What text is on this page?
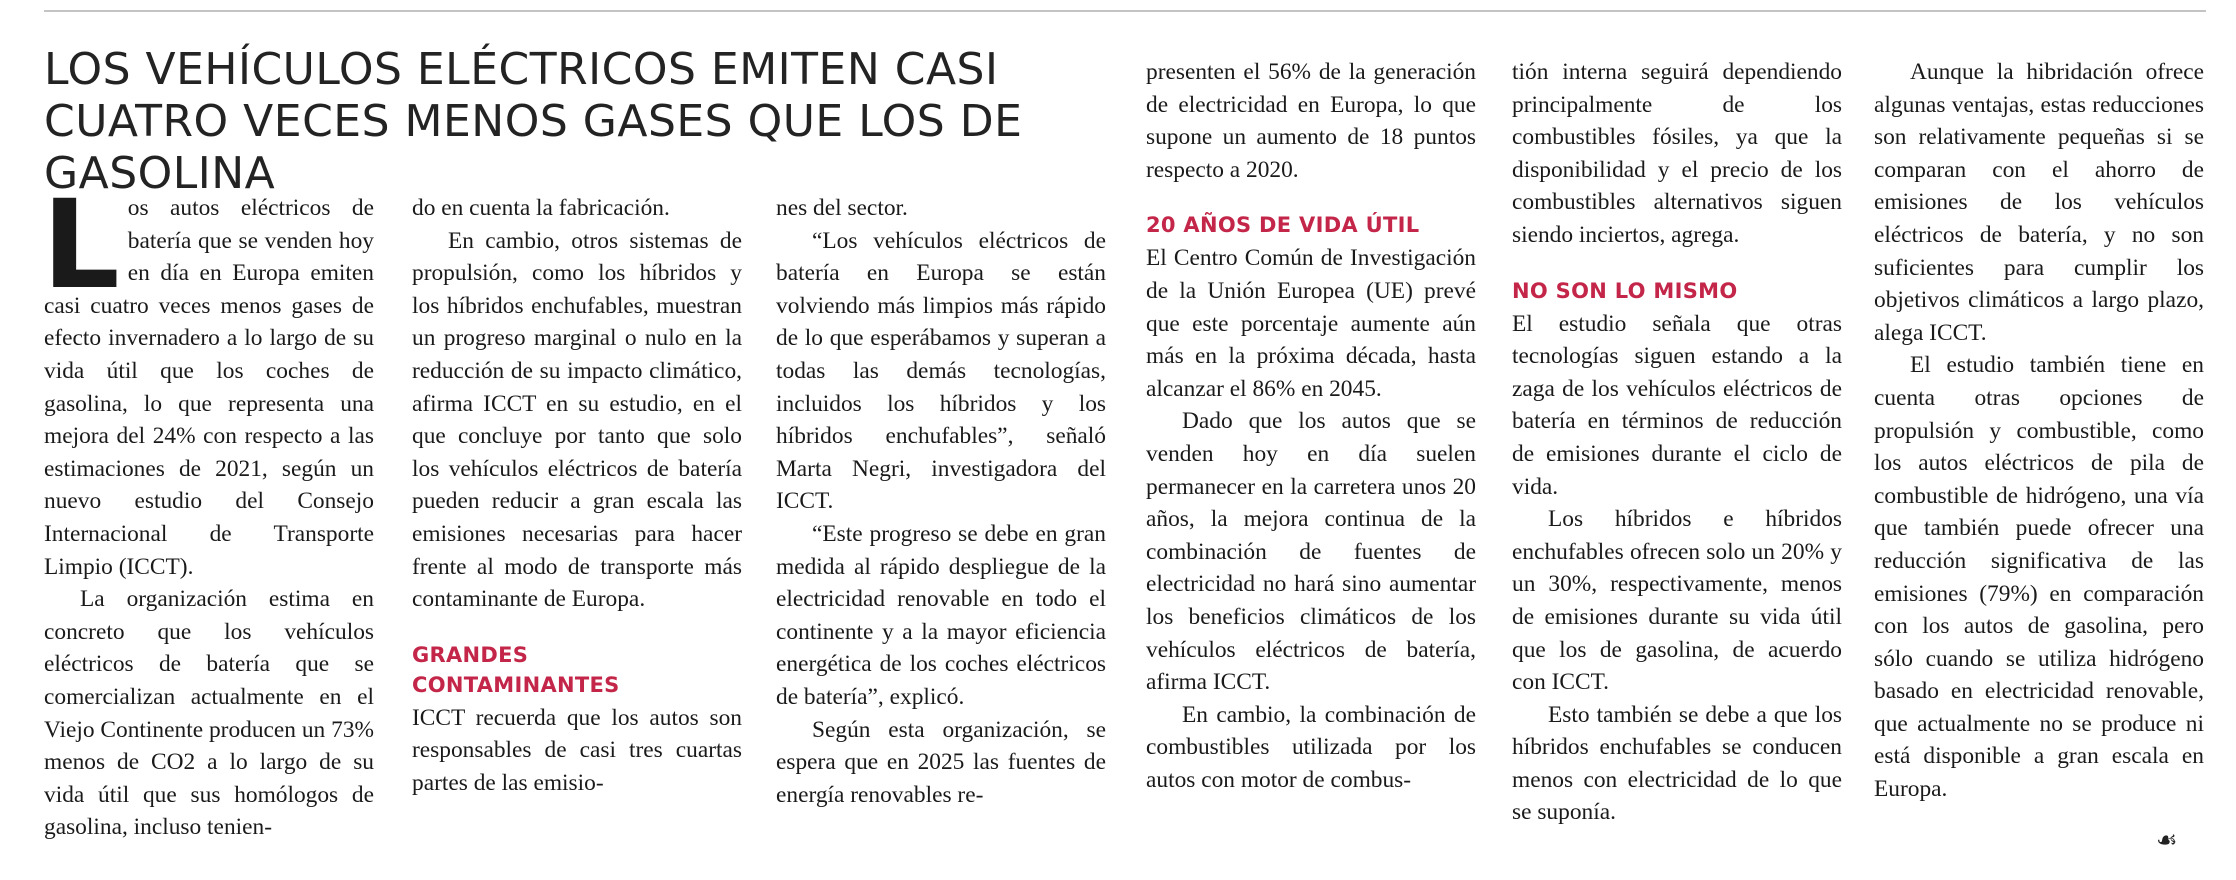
LOS VEHÍCULOS ELÉCTRICOS EMITEN CASI CUATRO VECES MENOS GASES QUE LOS DE GASOLINA

Los autos eléctricos de batería que se venden hoy en día en Europa emiten casi cuatro veces menos gases de efecto invernadero a lo largo de su vida útil que los coches de gasolina, lo que representa una mejora del 24% con respecto a las estimaciones de 2021, según un nuevo estudio del Consejo Internacional de Transporte Limpio (ICCT).

La organización estima en concreto que los vehículos eléctricos de batería que se comercializan actualmente en el Viejo Continente producen un 73% menos de CO2 a lo largo de su vida útil que sus homólogos de gasolina, incluso tenien-

do en cuenta la fabricación.

En cambio, otros sistemas de propulsión, como los híbridos y los híbridos enchufables, muestran un progreso marginal o nulo en la reducción de su impacto climático, afirma ICCT en su estudio, en el que concluye por tanto que solo los vehículos eléctricos de batería pueden reducir a gran escala las emisiones necesarias para hacer frente al modo de transporte más contaminante de Europa.

GRANDES CONTAMINANTES

ICCT recuerda que los autos son responsables de casi tres cuartas partes de las emisio-

nes del sector.

“Los vehículos eléctricos de batería en Europa se están volviendo más limpios más rápido de lo que esperábamos y superan a todas las demás tecnologías, incluidos los híbridos y los híbridos enchufables”, señaló Marta Negri, investigadora del ICCT.

“Este progreso se debe en gran medida al rápido despliegue de la electricidad renovable en todo el continente y a la mayor eficiencia energética de los coches eléctricos de batería”, explicó.

Según esta organización, se espera que en 2025 las fuentes de energía renovables re-

presenten el 56% de la generación de electricidad en Europa, lo que supone un aumento de 18 puntos respecto a 2020.

20 AÑOS DE VIDA ÚTIL

El Centro Común de Investigación de la Unión Europea (UE) prevé que este porcentaje aumente aún más en la próxima década, hasta alcanzar el 86% en 2045.

Dado que los autos que se venden hoy en día suelen permanecer en la carretera unos 20 años, la mejora continua de la combinación de fuentes de electricidad no hará sino aumentar los beneficios climáticos de los vehículos eléctricos de batería, afirma ICCT.

En cambio, la combinación de combustibles utilizada por los autos con motor de combus-

tión interna seguirá dependiendo principalmente de los combustibles fósiles, ya que la disponibilidad y el precio de los combustibles alternativos siguen siendo inciertos, agrega.

NO SON LO MISMO

El estudio señala que otras tecnologías siguen estando a la zaga de los vehículos eléctricos de batería en términos de reducción de emisiones durante el ciclo de vida.

Los híbridos e híbridos enchufables ofrecen solo un 20% y un 30%, respectivamente, menos de emisiones durante su vida útil que los de gasolina, de acuerdo con ICCT.

Esto también se debe a que los híbridos enchufables se conducen menos con electricidad de lo que se suponía.

Aunque la hibridación ofrece algunas ventajas, estas reducciones son relativamente pequeñas si se comparan con el ahorro de emisiones de los vehículos eléctricos de batería, y no son suficientes para cumplir los objetivos climáticos a largo plazo, alega ICCT.

El estudio también tiene en cuenta otras opciones de propulsión y combustible, como los autos eléctricos de pila de combustible de hidrógeno, una vía que también puede ofrecer una reducción significativa de las emisiones (79%) en comparación con los autos de gasolina, pero sólo cuando se utiliza hidrógeno basado en electricidad renovable, que actualmente no se produce ni está disponible a gran escala en Europa.

☙
